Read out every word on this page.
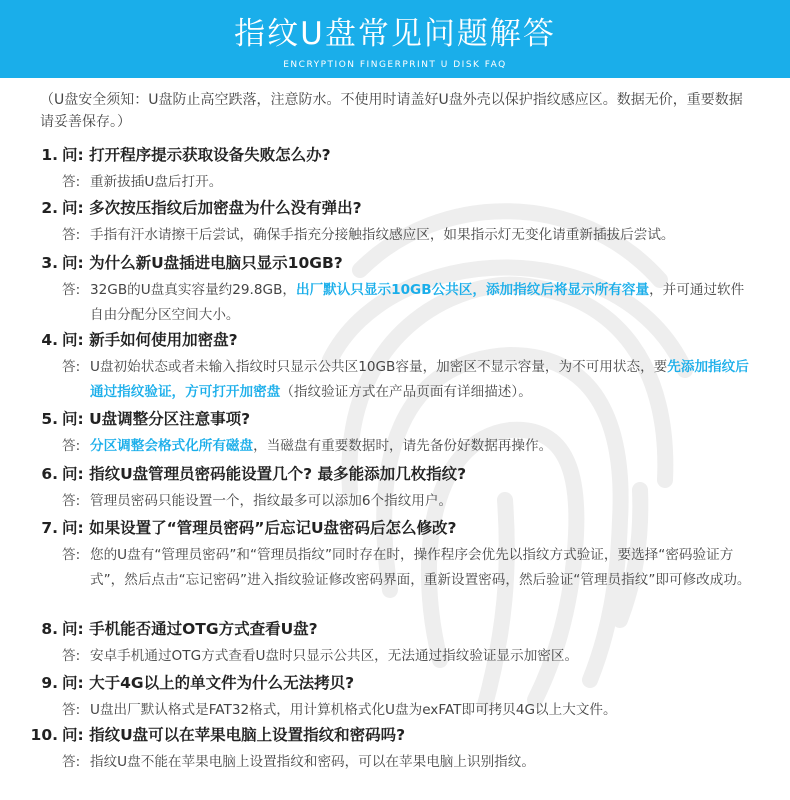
指纹U盘常见问题解答
ENCRYPTION FINGERPRINT U DISK FAQ
（U盘安全须知：U盘防止高空跌落，注意防水。不使用时请盖好U盘外壳以保护指纹感应区。数据无价，重要数据 请妥善保存。）
1. 问: 打开程序提示获取设备失败怎么办?
答: 重新拔插U盘后打开。
2. 问: 多次按压指纹后加密盘为什么没有弹出?
答: 手指有汗水请擦干后尝试，确保手指充分接触指纹感应区，如果指示灯无变化请重新插拔后尝试。
3. 问: 为什么新U盘插进电脑只显示10GB?
答: 32GB的U盘真实容量约29.8GB，出厂默认只显示10GB公共区，添加指纹后将显示所有容量，并可通过软件自由分配分区空间大小。
4. 问: 新手如何使用加密盘?
答: U盘初始状态或者未输入指纹时只显示公共区10GB容量，加密区不显示容量，为不可用状态，要先添加指纹后通过指纹验证，方可打开加密盘（指纹验证方式在产品页面有详细描述）。
5. 问: U盘调整分区注意事项?
答: 分区调整会格式化所有磁盘，当磁盘有重要数据时，请先备份好数据再操作。
6. 问: 指纹U盘管理员密码能设置几个? 最多能添加几枚指纹?
答: 管理员密码只能设置一个，指纹最多可以添加6个指纹用户。
7. 问: 如果设置了“管理员密码”后忘记U盘密码后怎么修改?
答: 您的U盘有“管理员密码”和“管理员指纹”同时存在时，操作程序会优先以指纹方式验证，要选择“密码验证方式”，然后点击“忘记密码”进入指纹验证修改密码界面，重新设置密码，然后验证“管理员指纹”即可修改成功。
8. 问: 手机能否通过OTG方式查看U盘?
答: 安卓手机通过OTG方式查看U盘时只显示公共区，无法通过指纹验证显示加密区。
9. 问: 大于4G以上的单文件为什么无法拷贝?
答: U盘出厂默认格式是FAT32格式，用计算机格式化U盘为exFAT即可拷贝4G以上大文件。
10. 问: 指纹U盘可以在苹果电脑上设置指纹和密码吗?
答: 指纹U盘不能在苹果电脑上设置指纹和密码，可以在苹果电脑上识别指纹。
